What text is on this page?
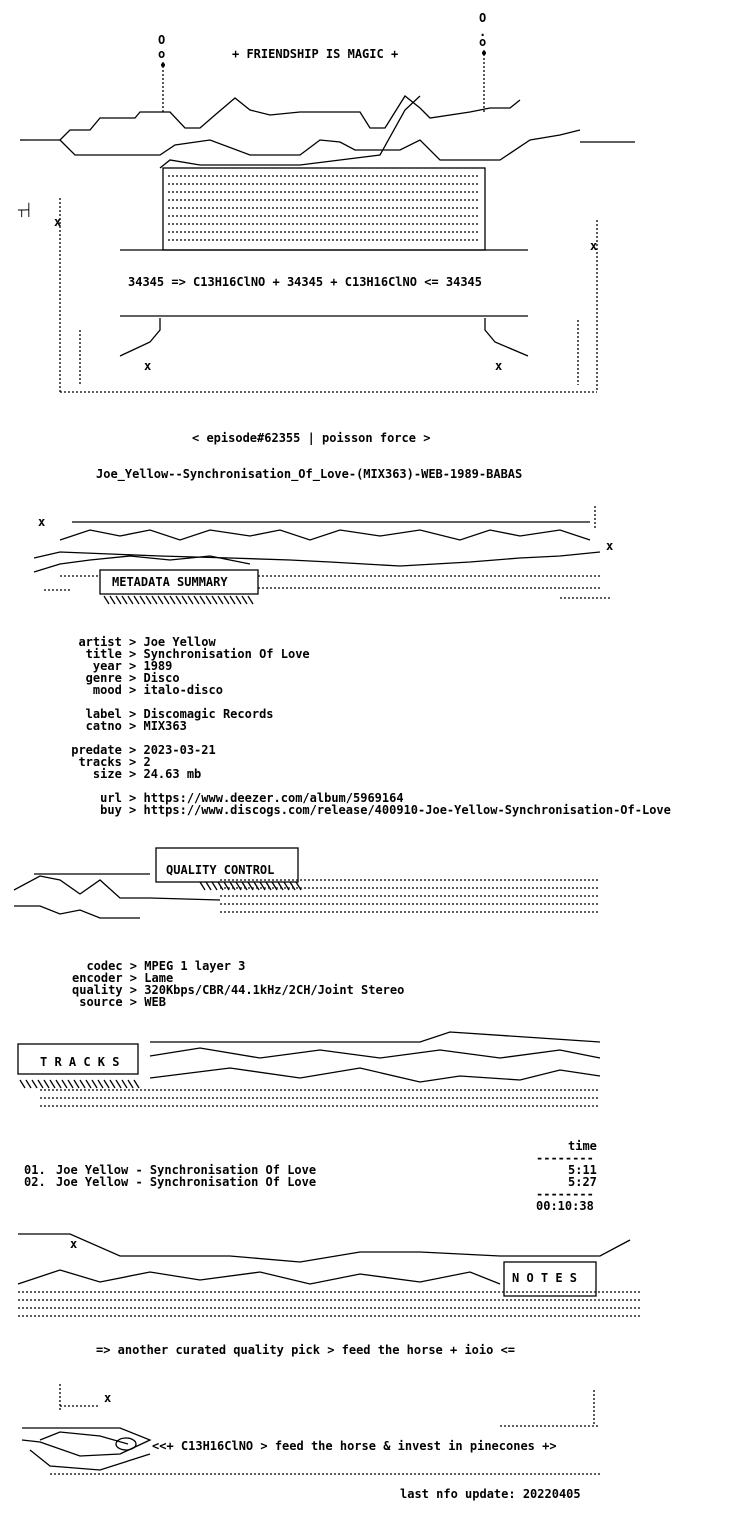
O
o
O
.
o
x
x
┬┤
x	x
+ FRIENDSHIP IS MAGIC +
34345 => C13H16ClNO + 34345 + C13H16ClNO <= 34345
< episode#62355 | poisson force >
Joe_Yellow--Synchronisation_Of_Love-(MIX363)-WEB-1989-BABAS
x
x
METADATA SUMMARY
artist > Joe Yellow
title > Synchronisation Of Love
year > 1989
genre > Disco
mood > italo-disco
label > Discomagic Records
catno > MIX363
predate > 2023-03-21
tracks > 2
size > 24.63 mb
url > https://www.deezer.com/album/5969164
buy > https://www.discogs.com/release/400910-Joe-Yellow-Synchronisation-Of-Love
QUALITY CONTROL
codec > MPEG 1 layer 3
encoder > Lame
quality > 320Kbps/CBR/44.1kHz/2CH/Joint Stereo
source > WEB
T R A C K S
time
--------
01. Joe Yellow - Synchronisation Of Love	5:11
02. Joe Yellow - Synchronisation Of Love	5:27
--------
00:10:38
x
N O T E S
=> another curated quality pick > feed the horse + ioio <=
x
<<+ C13H16ClNO > feed the horse & invest in pinecones +>
last nfo update: 20220405
